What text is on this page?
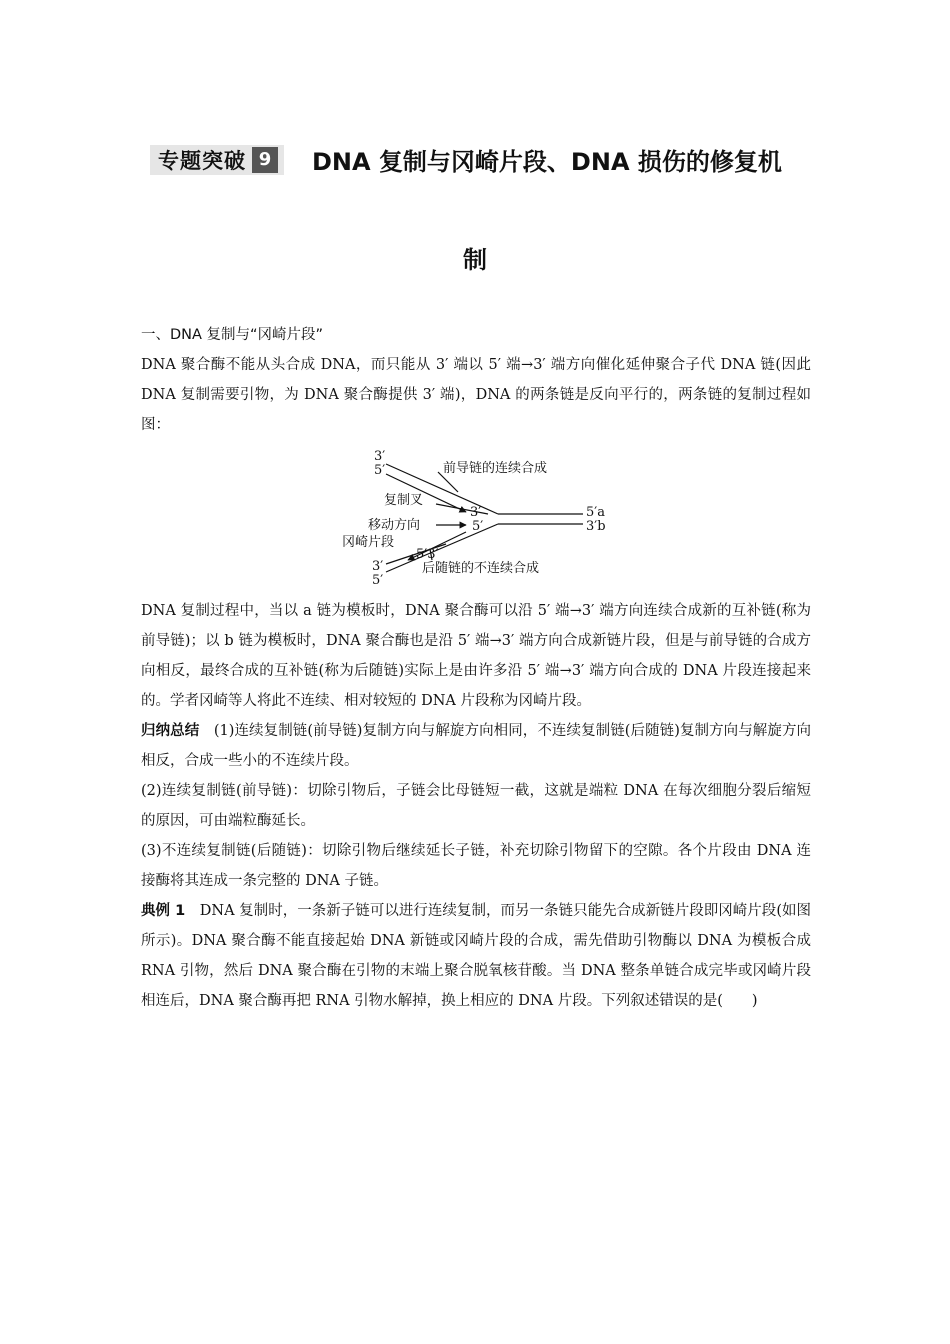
专题突破 9 DNA 复制与冈崎片段、DNA 损伤的修复机
制

一、DNA 复制与“冈崎片段”

DNA 聚合酶不能从头合成 DNA，而只能从 3′ 端以 5′ 端→3′ 端方向催化延伸聚合子代 DNA 链(因此 DNA 复制需要引物，为 DNA 聚合酶提供 3′ 端)，DNA 的两条链是反向平行的，两条链的复制过程如图：

3′
5′	前导链的连续合成
复制叉
移动方向
冈崎片段
3′
5′
5′a
3′b
5′3′
3′
5′
后随链的不连续合成

DNA 复制过程中，当以 a 链为模板时，DNA 聚合酶可以沿 5′ 端→3′ 端方向连续合成新的互补链(称为前导链)；以 b 链为模板时，DNA 聚合酶也是沿 5′ 端→3′ 端方向合成新链片段，但是与前导链的合成方向相反，最终合成的互补链(称为后随链)实际上是由许多沿 5′ 端→3′ 端方向合成的 DNA 片段连接起来的。学者冈崎等人将此不连续、相对较短的 DNA 片段称为冈崎片段。

归纳总结　 (1)连续复制链(前导链)复制方向与解旋方向相同，不连续复制链(后随链)复制方向与解旋方向相反，合成一些小的不连续片段。

(2)连续复制链(前导链)：切除引物后，子链会比母链短一截，这就是端粒 DNA 在每次细胞分裂后缩短的原因，可由端粒酶延长。

(3)不连续复制链(后随链)：切除引物后继续延长子链，补充切除引物留下的空隙。各个片段由 DNA 连接酶将其连成一条完整的 DNA 子链。

典例 1　 DNA 复制时，一条新子链可以进行连续复制，而另一条链只能先合成新链片段即冈崎片段(如图所示)。DNA 聚合酶不能直接起始 DNA 新链或冈崎片段的合成，需先借助引物酶以 DNA 为模板合成 RNA 引物，然后 DNA 聚合酶在引物的末端上聚合脱氧核苷酸。当 DNA 整条单链合成完毕或冈崎片段相连后，DNA 聚合酶再把 RNA 引物水解掉，换上相应的 DNA 片段。下列叙述错误的是(　　)
